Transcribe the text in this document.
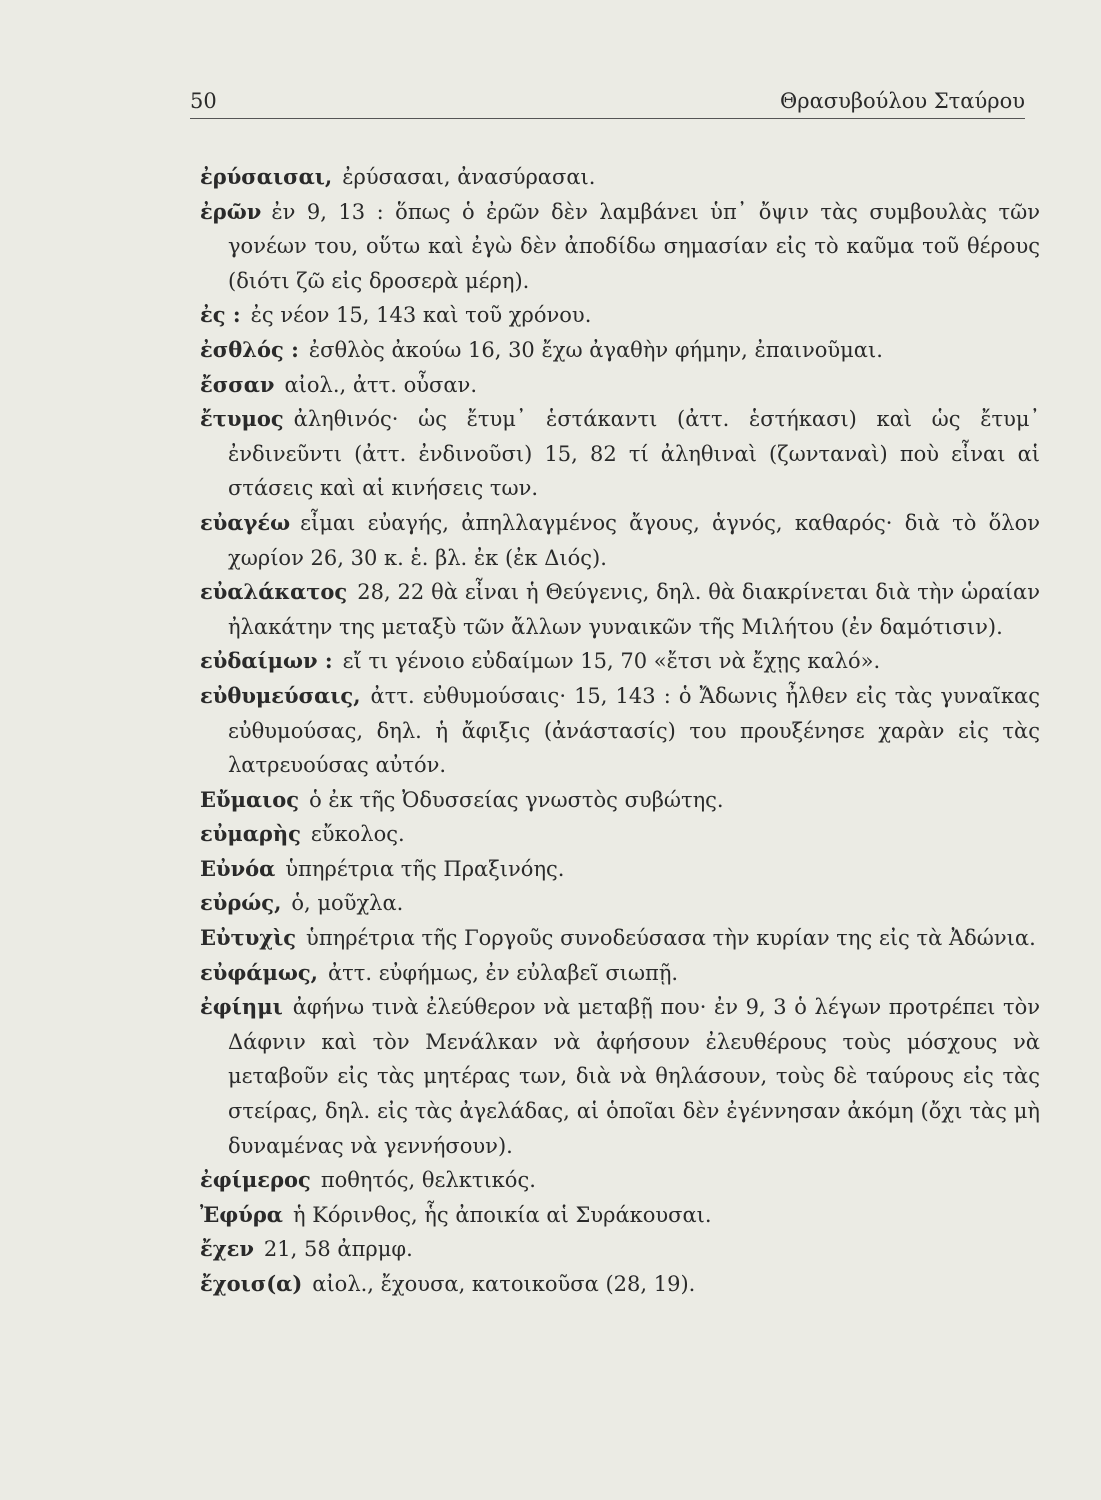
50	Θρασυβούλου Σταύρου
ἐρύσαισαι, ἐρύσασαι, ἀνασύρασαι.
ἐρῶν ἐν 9, 13 : ὅπως ὁ ἐρῶν δὲν λαμβάνει ὑπ᾽ ὄψιν τὰς συμβουλὰς τῶν γονέων του, οὕτω καὶ ἐγὼ δὲν ἀποδίδω σημασίαν εἰς τὸ καῦμα τοῦ θέρους (διότι ζῶ εἰς δροσερὰ μέρη).
ἐς : ἐς νέον 15, 143 καὶ τοῦ χρόνου.
ἐσθλός : ἐσθλὸς ἀκούω 16, 30 ἔχω ἀγαθὴν φήμην, ἐπαινοῦμαι.
ἔσσαν αἰολ., ἀττ. οὖσαν.
ἔτυμος ἀληθινός· ὡς ἔτυμ᾽ ἑστάκαντι (ἀττ. ἑστήκασι) καὶ ὡς ἔτυμ᾽ ἐνδινεῦντι (ἀττ. ἐνδινοῦσι) 15, 82 τί ἀληθιναὶ (ζωνταναὶ) ποὺ εἶναι αἱ στάσεις καὶ αἱ κινήσεις των.
εὐαγέω εἶμαι εὐαγής, ἀπηλλαγμένος ἄγους, ἁγνός, καθαρός· διὰ τὸ ὅλον χωρίον 26, 30 κ. ἑ. βλ. ἐκ (ἐκ Διός).
εὐαλάκατος 28, 22 θὰ εἶναι ἡ Θεύγενις, δηλ. θὰ διακρίνεται διὰ τὴν ὡραίαν ἠλακάτην της μεταξὺ τῶν ἄλλων γυναικῶν τῆς Μιλήτου (ἐν δαμότισιν).
εὐδαίμων : εἴ τι γένοιο εὐδαίμων 15, 70 «ἔτσι νὰ ἔχῃς καλό».
εὐθυμεύσαις, ἀττ. εὐθυμούσαις· 15, 143 : ὁ Ἄδωνις ἦλθεν εἰς τὰς γυναῖκας εὐθυμούσας, δηλ. ἡ ἄφιξις (ἀνάστασίς) του προυξένησε χαρὰν εἰς τὰς λατρευούσας αὐτόν.
Εὔμαιος ὁ ἐκ τῆς Ὀδυσσείας γνωστὸς συβώτης.
εὐμαρὴς εὔκολος.
Εὐνόα ὑπηρέτρια τῆς Πραξινόης.
εὐρώς, ὁ, μοῦχλα.
Εὐτυχὶς ὑπηρέτρια τῆς Γοργοῦς συνοδεύσασα τὴν κυρίαν της εἰς τὰ Ἀδώνια.
εὐφάμως, ἀττ. εὐφήμως, ἐν εὐλαβεῖ σιωπῇ.
ἐφίημι ἀφήνω τινὰ ἐλεύθερον νὰ μεταβῇ που· ἐν 9, 3 ὁ λέγων προτρέπει τὸν Δάφνιν καὶ τὸν Μενάλκαν νὰ ἀφήσουν ἐλευθέρους τοὺς μόσχους νὰ μεταβοῦν εἰς τὰς μητέρας των, διὰ νὰ θηλάσουν, τοὺς δὲ ταύρους εἰς τὰς στείρας, δηλ. εἰς τὰς ἀγελάδας, αἱ ὁποῖαι δὲν ἐγέννησαν ἀκόμη (ὄχι τὰς μὴ δυναμένας νὰ γεννήσουν).
ἐφίμερος ποθητός, θελκτικός.
Ἐφύρα ἡ Κόρινθος, ἧς ἀποικία αἱ Συράκουσαι.
ἔχεν 21, 58 ἀπρμφ.
ἔχοισ(α) αἰολ., ἔχουσα, κατοικοῦσα (28, 19).
